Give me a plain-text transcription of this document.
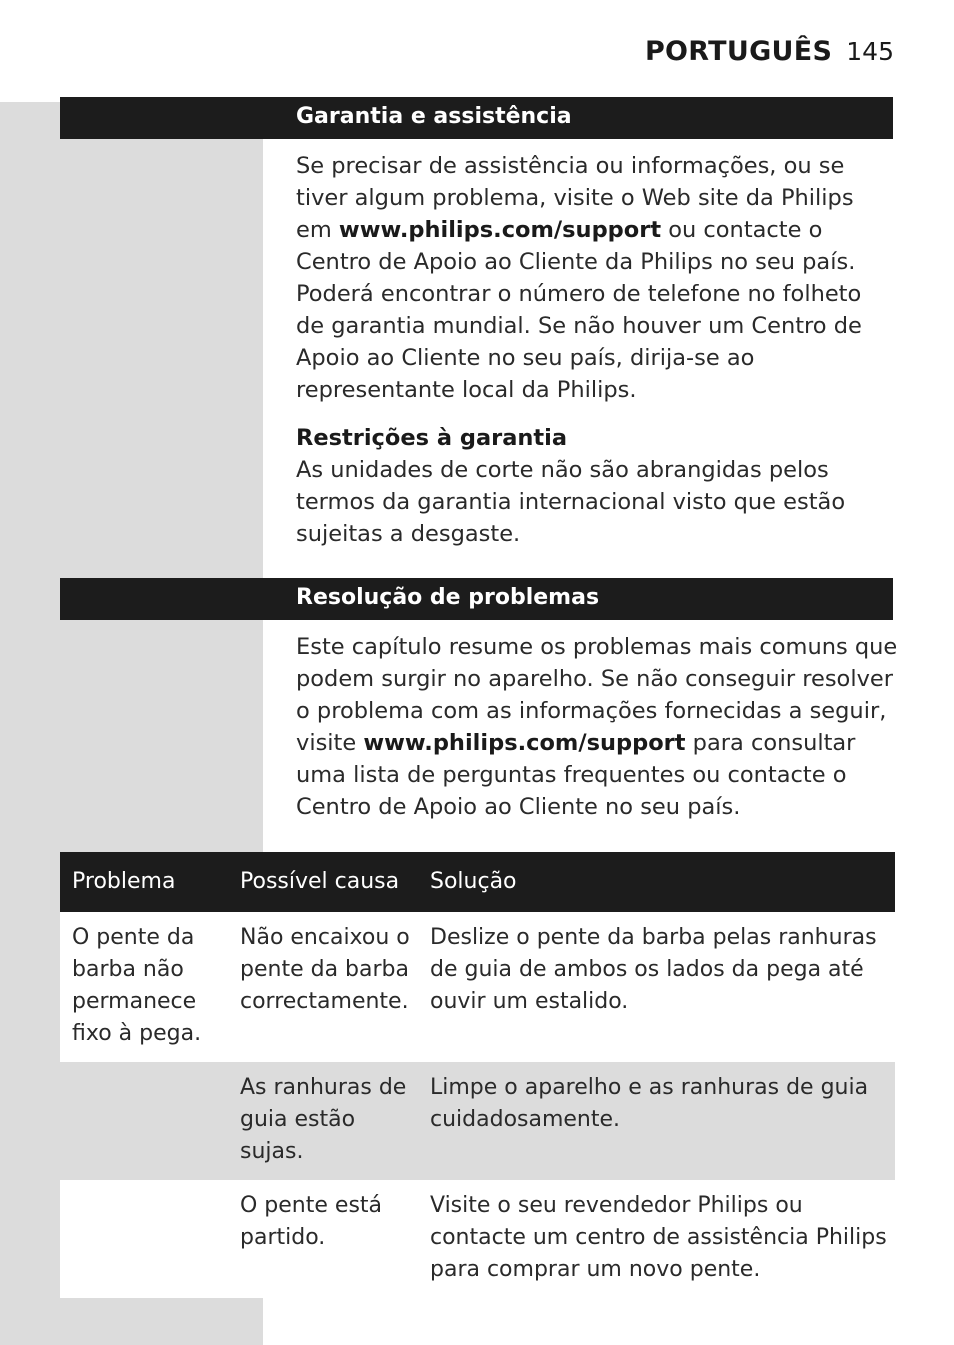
PORTUGUÊS 145
Garantia e assistência

Se precisar de assistência ou informações, ou se tiver algum problema, visite o Web site da Philips em www.philips.com/support ou contacte o Centro de Apoio ao Cliente da Philips no seu país. Poderá encontrar o número de telefone no folheto de garantia mundial. Se não houver um Centro de Apoio ao Cliente no seu país, dirija-se ao representante local da Philips.

Restrições à garantia
As unidades de corte não são abrangidas pelos termos da garantia internacional visto que estão sujeitas a desgaste.

Resolução de problemas

Este capítulo resume os problemas mais comuns que podem surgir no aparelho. Se não conseguir resolver o problema com as informações fornecidas a seguir, visite www.philips.com/support para consultar uma lista de perguntas frequentes ou contacte o Centro de Apoio ao Cliente no seu país.

Problema	Possível causa	Solução
O pente da barba não permanece fixo à pega.	Não encaixou o pente da barba correctamente.	Deslize o pente da barba pelas ranhuras de guia de ambos os lados da pega até ouvir um estalido.
	As ranhuras de guia estão sujas.	Limpe o aparelho e as ranhuras de guia cuidadosamente.
	O pente está partido.	Visite o seu revendedor Philips ou contacte um centro de assistência Philips para comprar um novo pente.
